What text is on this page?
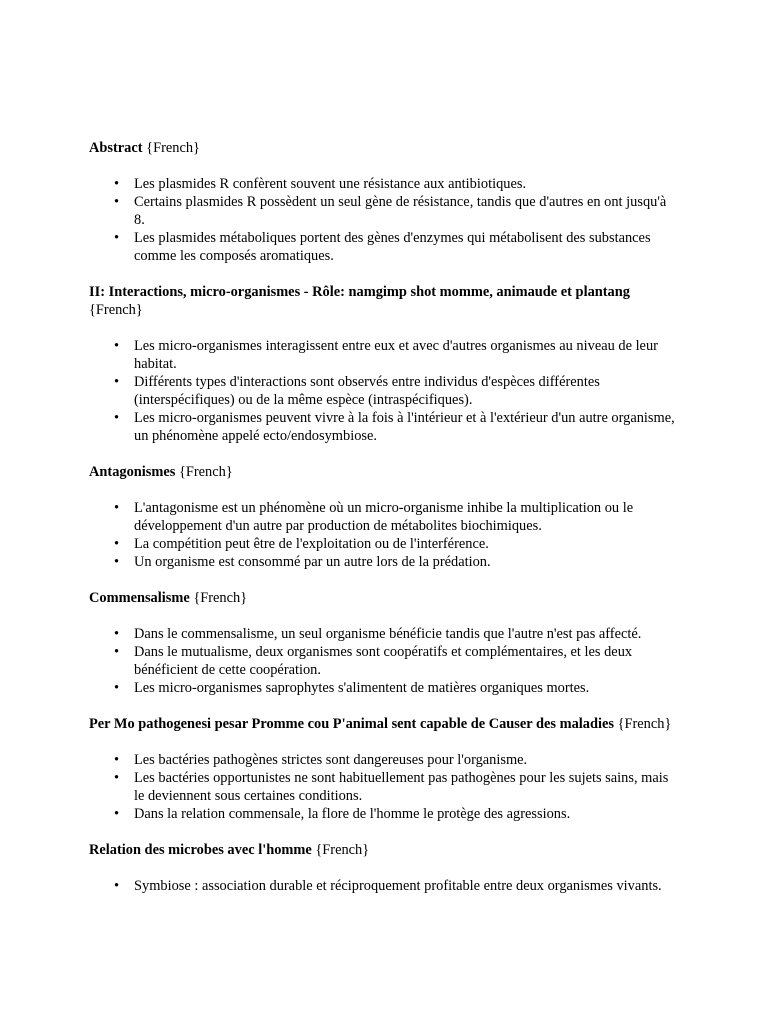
Abstract {French}

• Les plasmides R confèrent souvent une résistance aux antibiotiques.
• Certains plasmides R possèdent un seul gène de résistance, tandis que d'autres en ont jusqu'à 8.
• Les plasmides métaboliques portent des gènes d'enzymes qui métabolisent des substances comme les composés aromatiques.

II: Interactions, micro-organismes - Rôle: namgimp shot momme, animaude et plantang {French}

• Les micro-organismes interagissent entre eux et avec d'autres organismes au niveau de leur habitat.
• Différents types d'interactions sont observés entre individus d'espèces différentes (interspécifiques) ou de la même espèce (intraspécifiques).
• Les micro-organismes peuvent vivre à la fois à l'intérieur et à l'extérieur d'un autre organisme, un phénomène appelé ecto/endosymbiose.

Antagonismes {French}

• L'antagonisme est un phénomène où un micro-organisme inhibe la multiplication ou le développement d'un autre par production de métabolites biochimiques.
• La compétition peut être de l'exploitation ou de l'interférence.
• Un organisme est consommé par un autre lors de la prédation.

Commensalisme {French}

• Dans le commensalisme, un seul organisme bénéficie tandis que l'autre n'est pas affecté.
• Dans le mutualisme, deux organismes sont coopératifs et complémentaires, et les deux bénéficient de cette coopération.
• Les micro-organismes saprophytes s'alimentent de matières organiques mortes.

Per Mo pathogenesi pesar Promme cou P'animal sent capable de Causer des maladies {French}

• Les bactéries pathogènes strictes sont dangereuses pour l'organisme.
• Les bactéries opportunistes ne sont habituellement pas pathogènes pour les sujets sains, mais le deviennent sous certaines conditions.
• Dans la relation commensale, la flore de l'homme le protège des agressions.

Relation des microbes avec l'homme {French}

• Symbiose : association durable et réciproquement profitable entre deux organismes vivants.
